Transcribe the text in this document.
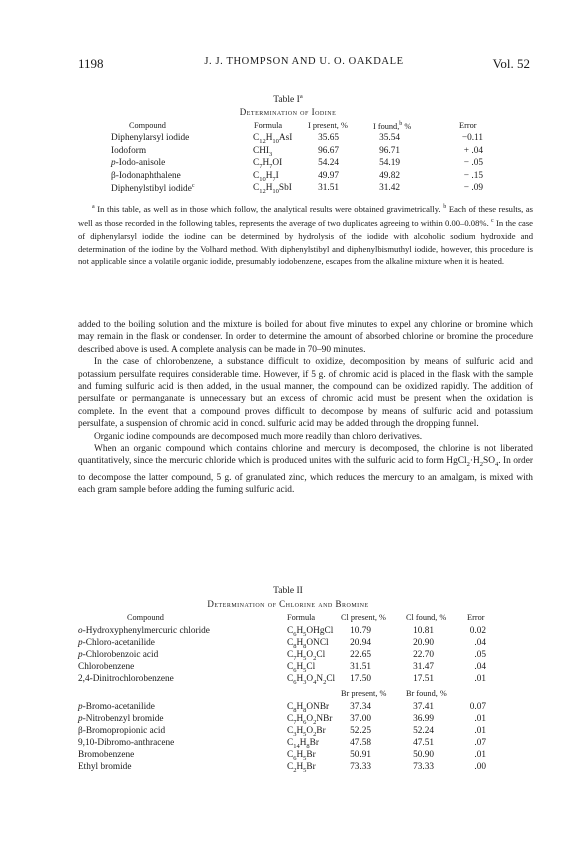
1198	J. J. THOMPSON AND U. O. OAKDALE	Vol. 52
Table $I^a$
Determination of Iodine
Compound	Formula	I present, %	I found,$^b$ %	Error
Diphenylarsyl iodide	$C_{12}H_{10}AsI$	35.65	35.54	−0.11
Iodoform	$CHI_3$	96.67	96.71	+ .04
p-Iodo-anisole	$C_7H_7OI$	54.24	54.19	− .05
β-Iodonaphthalene	$C_{10}H_7I$	49.97	49.82	− .15
Diphenylstibyl iodide$^c$	$C_{12}H_{10}SbI$	31.51	31.42	− .09

$^a$ In this table, as well as in those which follow, the analytical results were obtained gravimetrically. $^b$ Each of these results, as well as those recorded in the following tables, represents the average of two duplicates agreeing to within 0.00–0.08%. $^c$ In the case of diphenylarsyl iodide the iodine can be determined by hydrolysis of the iodide with alcoholic sodium hydroxide and determination of the iodine by the Volhard method. With diphenylstibyl and diphenylbismuthyl iodide, however, this procedure is not applicable since a volatile organic iodide, presumably iodobenzene, escapes from the alkaline mixture when it is heated.

added to the boiling solution and the mixture is boiled for about five minutes to expel any chlorine or bromine which may remain in the flask or condenser. In order to determine the amount of absorbed chlorine or bromine the procedure described above is used. A complete analysis can be made in 70–90 minutes.

In the case of chlorobenzene, a substance difficult to oxidize, decomposition by means of sulfuric acid and potassium persulfate requires considerable time. However, if 5 g. of chromic acid is placed in the flask with the sample and fuming sulfuric acid is then added, in the usual manner, the compound can be oxidized rapidly. The addition of persulfate or permanganate is unnecessary but an excess of chromic acid must be present when the oxidation is complete. In the event that a compound proves difficult to decompose by means of sulfuric acid and potassium persulfate, a suspension of chromic acid in concd. sulfuric acid may be added through the dropping funnel.

Organic iodine compounds are decomposed much more readily than chloro derivatives.

When an organic compound which contains chlorine and mercury is decomposed, the chlorine is not liberated quantitatively, since the mercuric chloride which is produced unites with the sulfuric acid to form $HgCl_2\cdot H_2SO_4$. In order to decompose the latter compound, 5 g. of granulated zinc, which reduces the mercury to an amalgam, is mixed with each gram sample before adding the fuming sulfuric acid.

Table II
Determination of Chlorine and Bromine
Compound	Formula	Cl present, % Cl found, % Error
o-Hydroxyphenylmercuric chloride	$C_6H_5OHgCl$	10.79	10.81	0.02
p-Chloro-acetanilide	$C_8H_8ONCl$	20.94	20.90	.04
p-Chlorobenzoic acid	$C_7H_5O_2Cl$	22.65	22.70	.05
Chlorobenzene	$C_6H_5Cl$	31.51	31.47	.04
2,4-Dinitrochlorobenzene	$C_6H_3O_4N_2Cl$	17.50	17.51	.01
Br present, % Br found, %
p-Bromo-acetanilide	$C_8H_8ONBr$	37.34	37.41	0.07
p-Nitrobenzyl bromide	$C_7H_6O_2NBr$	37.00	36.99	.01
β-Bromopropionic acid	$C_3H_5O_2Br$	52.25	52.24	.01
9,10-Dibromo-anthracene	$C_{14}H_8Br$	47.58	47.51	.07
Bromobenzene	$C_6H_5Br$	50.91	50.90	.01
Ethyl bromide	$C_2H_5Br$	73.33	73.33	.00
